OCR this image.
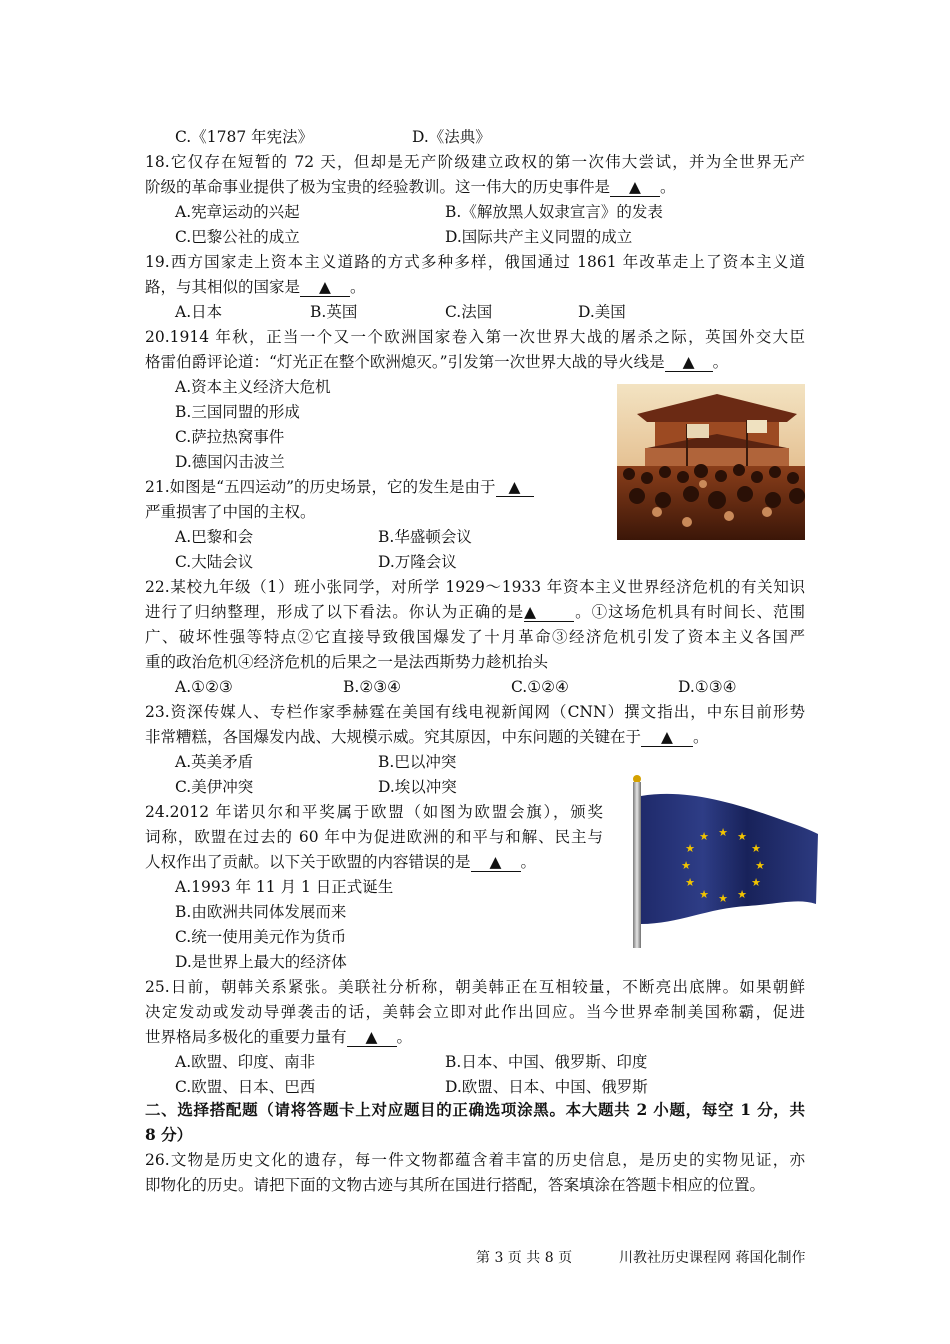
C.《1787 年宪法》	D.《法典》
18.它仅存在短暂的 72 天，但却是无产阶级建立政权的第一次伟大尝试，并为全世界无产
阶级的革命事业提供了极为宝贵的经验教训。这一伟大的历史事件是 ▲ 。
A.宪章运动的兴起	B.《解放黑人奴隶宣言》的发表
C.巴黎公社的成立	D.国际共产主义同盟的成立
19.西方国家走上资本主义道路的方式多种多样，俄国通过 1861 年改革走上了资本主义道
路，与其相似的国家是 ▲ 。
A.日本	B.英国	C.法国	D.美国
20.1914 年秋，正当一个又一个欧洲国家卷入第一次世界大战的屠杀之际，英国外交大臣
格雷伯爵评论道：“灯光正在整个欧洲熄灭。”引发第一次世界大战的导火线是 ▲ 。
A.资本主义经济大危机
B.三国同盟的形成
C.萨拉热窝事件
D.德国闪击波兰
21.如图是“五四运动”的历史场景，它的发生是由于 ▲
严重损害了中国的主权。
A.巴黎和会	B.华盛顿会议
C.大陆会议	D.万隆会议
22.某校九年级（1）班小张同学，对所学 1929～1933 年资本主义世界经济危机的有关知识
进行了归纳整理，形成了以下看法。你认为正确的是▲ 。①这场危机具有时间长、范围
广、破坏性强等特点②它直接导致俄国爆发了十月革命③经济危机引发了资本主义各国严
重的政治危机④经济危机的后果之一是法西斯势力趁机抬头
A.①②③	B.②③④	C.①②④	D.①③④
23.资深传媒人、专栏作家季赫霆在美国有线电视新闻网（CNN）撰文指出，中东目前形势
非常糟糕，各国爆发内战、大规模示威。究其原因，中东问题的关键在于 ▲ 。
A.英美矛盾	B.巴以冲突
C.美伊冲突	D.埃以冲突
★ ★
★
★
★
★
★
★
★
★
★
★
24.2012 年诺贝尔和平奖属于欧盟（如图为欧盟会旗），颁奖
词称，欧盟在过去的 60 年中为促进欧洲的和平与和解、民主与
人权作出了贡献。以下关于欧盟的内容错误的是 ▲ 。
A.1993 年 11 月 1 日正式诞生
B.由欧洲共同体发展而来
C.统一使用美元作为货币
D.是世界上最大的经济体
25.日前，朝韩关系紧张。美联社分析称，朝美韩正在互相较量，不断亮出底牌。如果朝鲜
决定发动或发动导弹袭击的话，美韩会立即对此作出回应。当今世界牵制美国称霸，促进
世界格局多极化的重要力量有 ▲ 。
A.欧盟、印度、南非	B.日本、中国、俄罗斯、印度
C.欧盟、日本、巴西	D.欧盟、日本、中国、俄罗斯
二、选择搭配题（请将答题卡上对应题目的正确选项涂黑。本大题共 2 小题，每空 1 分，共
8 分）
26.文物是历史文化的遗存，每一件文物都蕴含着丰富的历史信息，是历史的实物见证，亦
即物化的历史。请把下面的文物古迹与其所在国进行搭配，答案填涂在答题卡相应的位置。
第 3 页 共 8 页	川教社历史课程网 蒋国化制作
